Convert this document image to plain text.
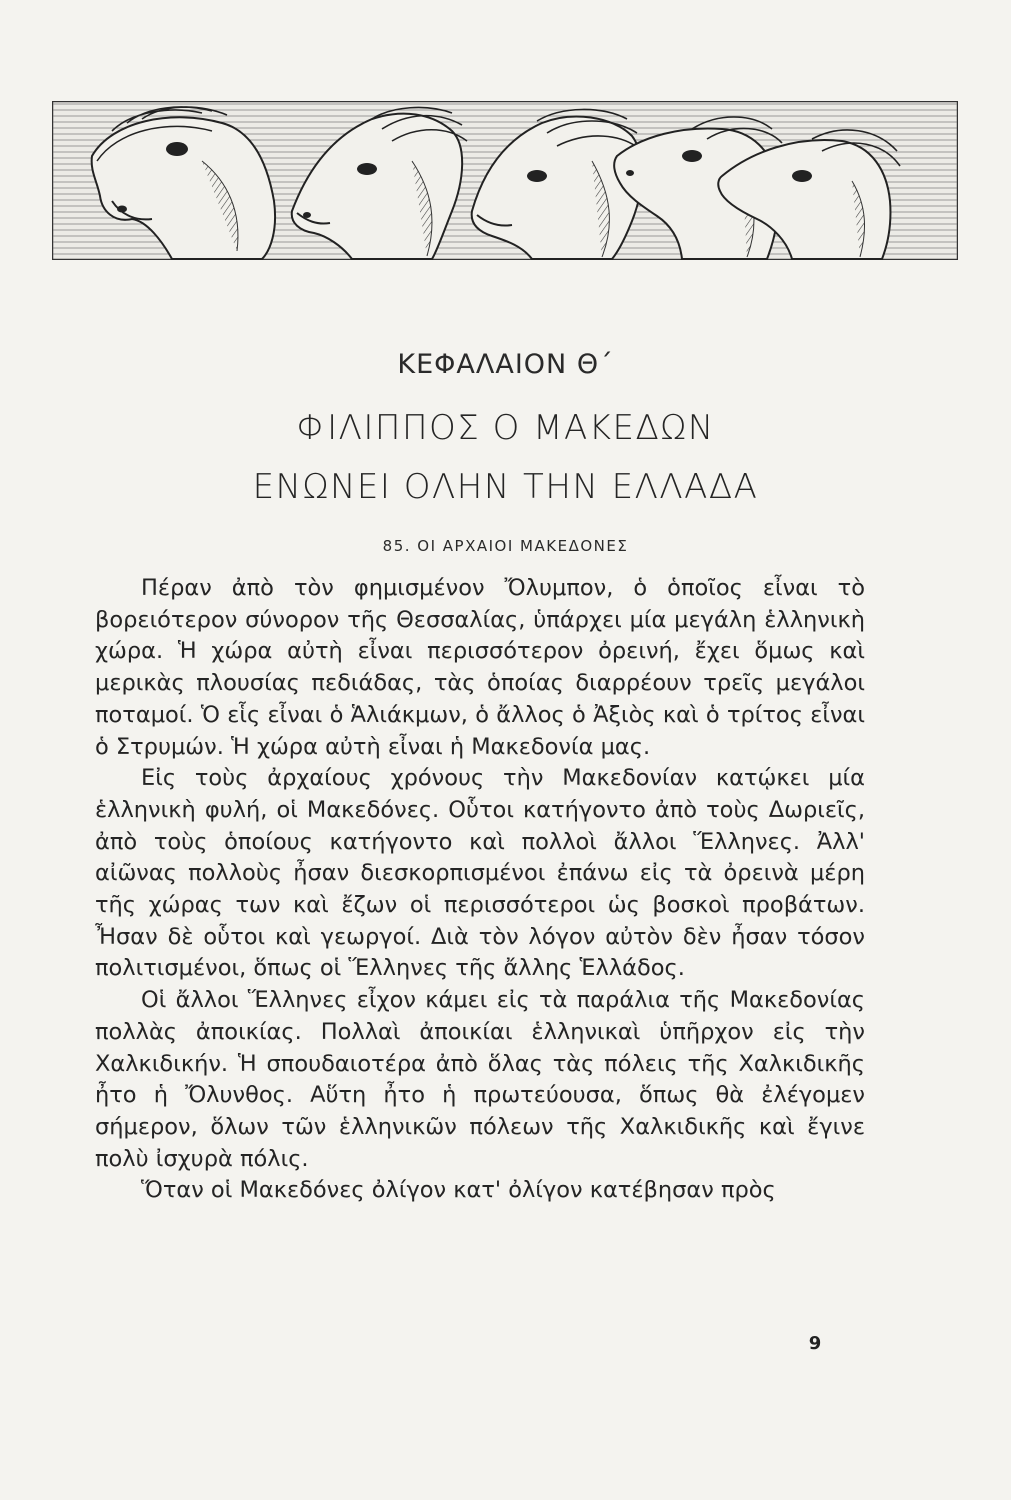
ΚΕΦΑΛΑΙΟΝ Θ΄
ΦΙΛΙΠΠΟΣ Ο ΜΑΚΕΔΩΝ
ΕΝΩΝΕΙ ΟΛΗΝ ΤΗΝ ΕΛΛΑΔΑ
85. ΟΙ ΑΡΧΑΙΟΙ ΜΑΚΕΔΟΝΕΣ

Πέραν ἀπὸ τὸν φημισμένον Ὄλυμπον, ὁ ὁποῖος εἶναι τὸ βορειότερον σύνορον τῆς Θεσσαλίας, ὑπάρχει μία μεγάλη ἑλληνικὴ χώρα. Ἡ χώρα αὐτὴ εἶναι περισσότερον ὀρεινή, ἔχει ὅμως καὶ μερικὰς πλουσίας πεδιάδας, τὰς ὁποίας διαρρέουν τρεῖς μεγάλοι ποταμοί. Ὁ εἷς εἶναι ὁ Ἁλιάκμων, ὁ ἄλλος ὁ Ἀξιὸς καὶ ὁ τρίτος εἶναι ὁ Στρυμών. Ἡ χώρα αὐτὴ εἶναι ἡ Μακεδονία μας.

Εἰς τοὺς ἀρχαίους χρόνους τὴν Μακεδονίαν κατῴκει μία ἑλληνικὴ φυλή, οἱ Μακεδόνες. Οὗτοι κατήγοντο ἀπὸ τοὺς Δωριεῖς, ἀπὸ τοὺς ὁποίους κατήγοντο καὶ πολλοὶ ἄλλοι Ἕλληνες. Ἀλλ' αἰῶνας πολλοὺς ἦσαν διεσκορπισμένοι ἐπάνω εἰς τὰ ὀρεινὰ μέρη τῆς χώρας των καὶ ἔζων οἱ περισσότεροι ὡς βοσκοὶ προβάτων. Ἦσαν δὲ οὗτοι καὶ γεωργοί. Διὰ τὸν λόγον αὐτὸν δὲν ἦσαν τόσον πολιτισμένοι, ὅπως οἱ Ἕλληνες τῆς ἄλλης Ἑλλάδος.

Οἱ ἄλλοι Ἕλληνες εἶχον κάμει εἰς τὰ παράλια τῆς Μακεδονίας πολλὰς ἀποικίας. Πολλαὶ ἀποικίαι ἑλληνικαὶ ὑπῆρχον εἰς τὴν Χαλκιδικήν. Ἡ σπουδαιοτέρα ἀπὸ ὅλας τὰς πόλεις τῆς Χαλκιδικῆς ἦτο ἡ Ὄλυνθος. Αὕτη ἦτο ἡ πρωτεύουσα, ὅπως θὰ ἐλέγομεν σήμερον, ὅλων τῶν ἑλληνικῶν πόλεων τῆς Χαλκιδικῆς καὶ ἔγινε πολὺ ἰσχυρὰ πόλις.

Ὅταν οἱ Μακεδόνες ὀλίγον κατ' ὀλίγον κατέβησαν πρὸς

9
